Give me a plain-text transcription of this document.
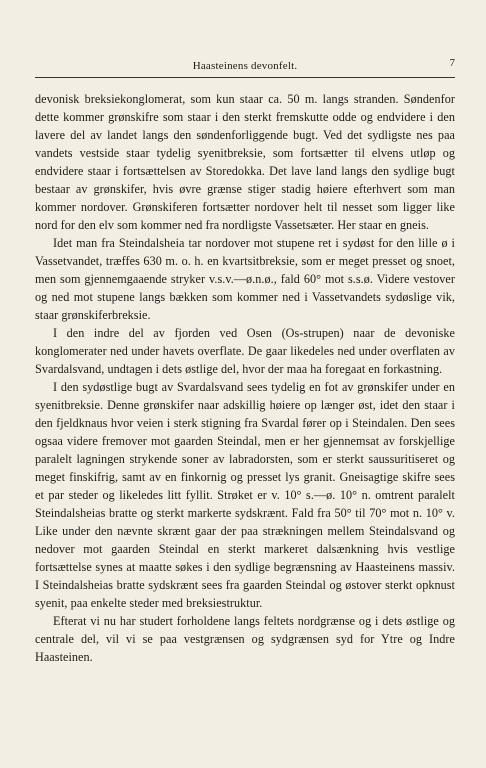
Haasteinens devonfelt.	7

devonisk breksiekonglomerat, som kun staar ca. 50 m. langs stranden. Søndenfor dette kommer grønskifre som staar i den sterkt fremskutte odde og endvidere i den lavere del av landet langs den søndenforliggende bugt. Ved det sydligste nes paa vandets vestside staar tydelig syenitbreksie, som fortsætter til elvens utløp og endvidere staar i fortsættelsen av Storedokka. Det lave land langs den sydlige bugt bestaar av grønskifer, hvis øvre grænse stiger stadig høiere efterhvert som man kommer nordover. Grønskiferen fortsætter nordover helt til nesset som ligger like nord for den elv som kommer ned fra nordligste Vassetsæter. Her staar en gneis.

Idet man fra Steindalsheia tar nordover mot stupene ret i sydøst for den lille ø i Vassetvandet, træffes 630 m. o. h. en kvartsitbreksie, som er meget presset og snoet, men som gjennemgaaende stryker v.s.v.—ø.n.ø., fald 60° mot s.s.ø. Videre vestover og ned mot stupene langs bækken som kommer ned i Vassetvandets sydøslige vik, staar grønskiferbreksie.

I den indre del av fjorden ved Osen (Os-strupen) naar de devoniske konglomerater ned under havets overflate. De gaar likedeles ned under overflaten av Svardalsvand, undtagen i dets østlige del, hvor der maa ha foregaat en forkastning.

I den sydøstlige bugt av Svardalsvand sees tydelig en fot av grønskifer under en syenitbreksie. Denne grønskifer naar adskillig høiere op længer øst, idet den staar i den fjeldknaus hvor veien i sterk stigning fra Svardal fører op i Steindalen. Den sees ogsaa videre fremover mot gaarden Steindal, men er her gjennemsat av forskjellige paralelt lagningen strykende soner av labradorsten, som er sterkt saussuritiseret og meget finskifrig, samt av en finkornig og presset lys granit. Gneisagtige skifre sees et par steder og likeledes litt fyllit. Strøket er v. 10° s.—ø. 10° n. omtrent paralelt Steindalsheias bratte og sterkt markerte sydskrænt. Fald fra 50° til 70° mot n. 10° v. Like under den nævnte skrænt gaar der paa strækningen mellem Steindalsvand og nedover mot gaarden Steindal en sterkt markeret dalsænkning hvis vestlige fortsættelse synes at maatte søkes i den sydlige begrænsning av Haasteinens massiv. I Steindalsheias bratte sydskrænt sees fra gaarden Steindal og østover sterkt opknust syenit, paa enkelte steder med breksiestruktur.

Efterat vi nu har studert forholdene langs feltets nordgrænse og i dets østlige og centrale del, vil vi se paa vestgrænsen og sydgrænsen syd for Ytre og Indre Haasteinen.
